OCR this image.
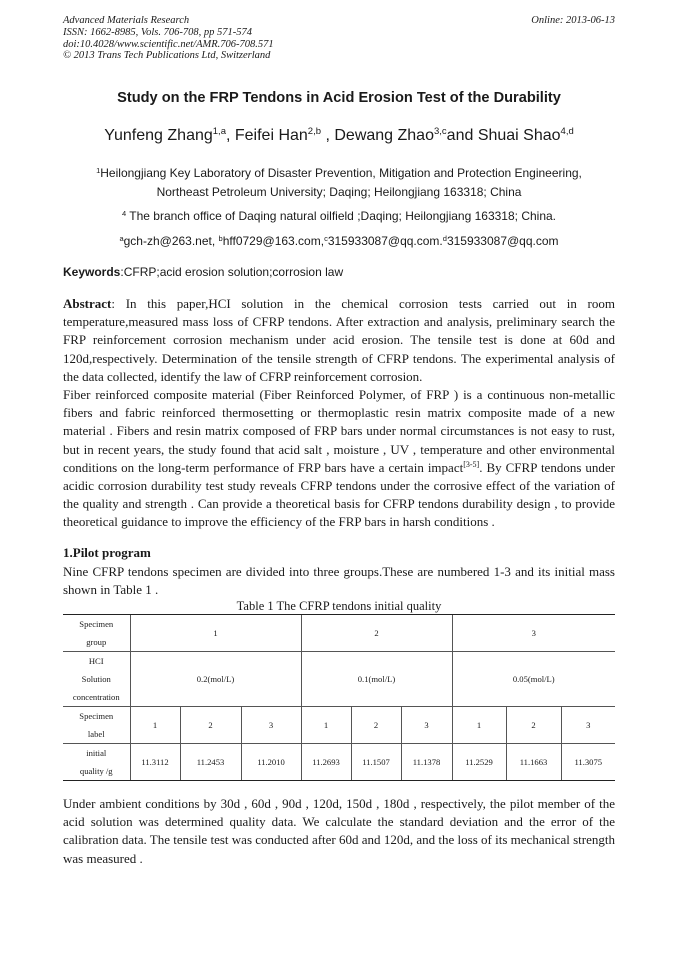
Advanced Materials Research
ISSN: 1662-8985, Vols. 706-708, pp 571-574
doi:10.4028/www.scientific.net/AMR.706-708.571
© 2013 Trans Tech Publications Ltd, Switzerland
Online: 2013-06-13
Study on the FRP Tendons in Acid Erosion Test of the Durability
Yunfeng Zhang$^{1,a}$, Feifei Han$^{2,b}$ , Dewang Zhao$^{3,c}$and Shuai Shao$^{4,d}$
$^1$Heilongjiang Key Laboratory of Disaster Prevention, Mitigation and Protection Engineering,
Northeast Petroleum University; Daqing; Heilongjiang 163318; China
$^4$ The branch office of Daqing natural oilfield ;Daqing; Heilongjiang 163318; China.
$^a$gch-zh@263.net, $^b$hff0729@163.com,$^c$315933087@qq.com.$^d$315933087@qq.com
Keywords:CFRP;acid erosion solution;corrosion law
Abstract: In this paper,HCI solution in the chemical corrosion tests carried out in room temperature,measured mass loss of CFRP tendons. After extraction and analysis, preliminary search the FRP reinforcement corrosion mechanism under acid erosion. The tensile test is done at 60d and 120d,respectively. Determination of the tensile strength of CFRP tendons. The experimental analysis of the data collected, identify the law of CFRP reinforcement corrosion.
Fiber reinforced composite material (Fiber Reinforced Polymer, of FRP ) is a continuous non-metallic fibers and fabric reinforced thermosetting or thermoplastic resin matrix composite made of a new material . Fibers and resin matrix composed of FRP bars under normal circumstances is not easy to rust, but in recent years, the study found that acid salt , moisture , UV , temperature and other environmental conditions on the long-term performance of FRP bars have a certain impact[3-5]. By CFRP tendons under acidic corrosion durability test study reveals CFRP tendons under the corrosive effect of the variation of the quality and strength . Can provide a theoretical basis for CFRP tendons durability design , to provide theoretical guidance to improve the efficiency of the FRP bars in harsh conditions .
1.Pilot program
Nine CFRP tendons specimen are divided into three groups.These are numbered 1-3 and its initial mass shown in Table 1 .
Table 1 The CFRP tendons initial quality
Specimen
group	1			2			3		

HCI
Solution
concentration	0.2(mol/L)			0.1(mol/L)			0.05(mol/L)		

Specimen
label	1	2	3	1	2	3	1	2	3

initial
quality /g	11.3112	11.2453	11.2010	11.2693	11.1507	11.1378	11.2529	11.1663	11.3075
Under ambient conditions by 30d , 60d , 90d , 120d, 150d , 180d , respectively, the pilot member of the acid solution was determined quality data. We calculate the standard deviation and the error of the calibration data. The tensile test was conducted after 60d and 120d, and the loss of its mechanical strength was measured .
